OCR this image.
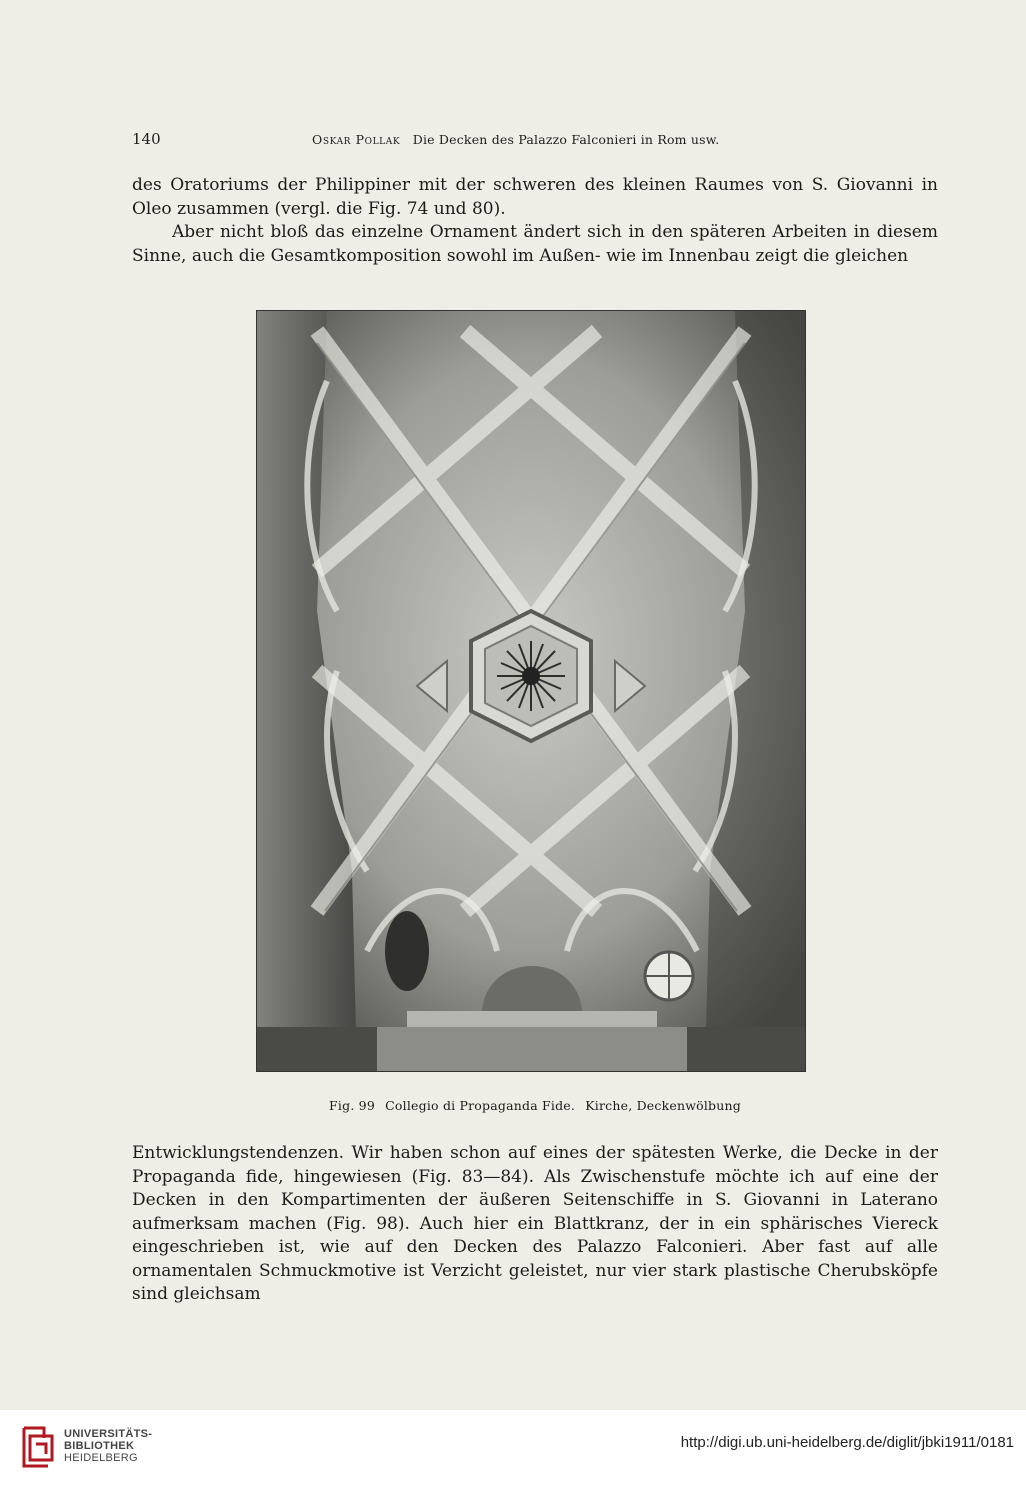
140	Oskar Pollak Die Decken des Palazzo Falconieri in Rom usw.

des Oratoriums der Philippiner mit der schweren des kleinen Raumes von S. Giovanni in Oleo zusammen (vergl. die Fig. 74 und 80).

Aber nicht bloß das einzelne Ornament ändert sich in den späteren Arbeiten in diesem Sinne, auch die Gesamtkomposition sowohl im Außen- wie im Innenbau zeigt die gleichen

Fig. 99 Collegio di Propaganda Fide. Kirche, Deckenwölbung

Entwicklungstendenzen. Wir haben schon auf eines der spätesten Werke, die Decke in der Propaganda fide, hingewiesen (Fig. 83—84). Als Zwischenstufe möchte ich auf eine der Decken in den Kompartimenten der äußeren Seitenschiffe in S. Giovanni in Laterano aufmerksam machen (Fig. 98). Auch hier ein Blattkranz, der in ein sphärisches Viereck eingeschrieben ist, wie auf den Decken des Palazzo Falconieri. Aber fast auf alle ornamentalen Schmuckmotive ist Verzicht geleistet, nur vier stark plastische Cherubsköpfe sind gleichsam

UNIVERSITÄTS-
BIBLIOTHEK
HEIDELBERG
http://digi.ub.uni-heidelberg.de/diglit/jbki1911/0181
